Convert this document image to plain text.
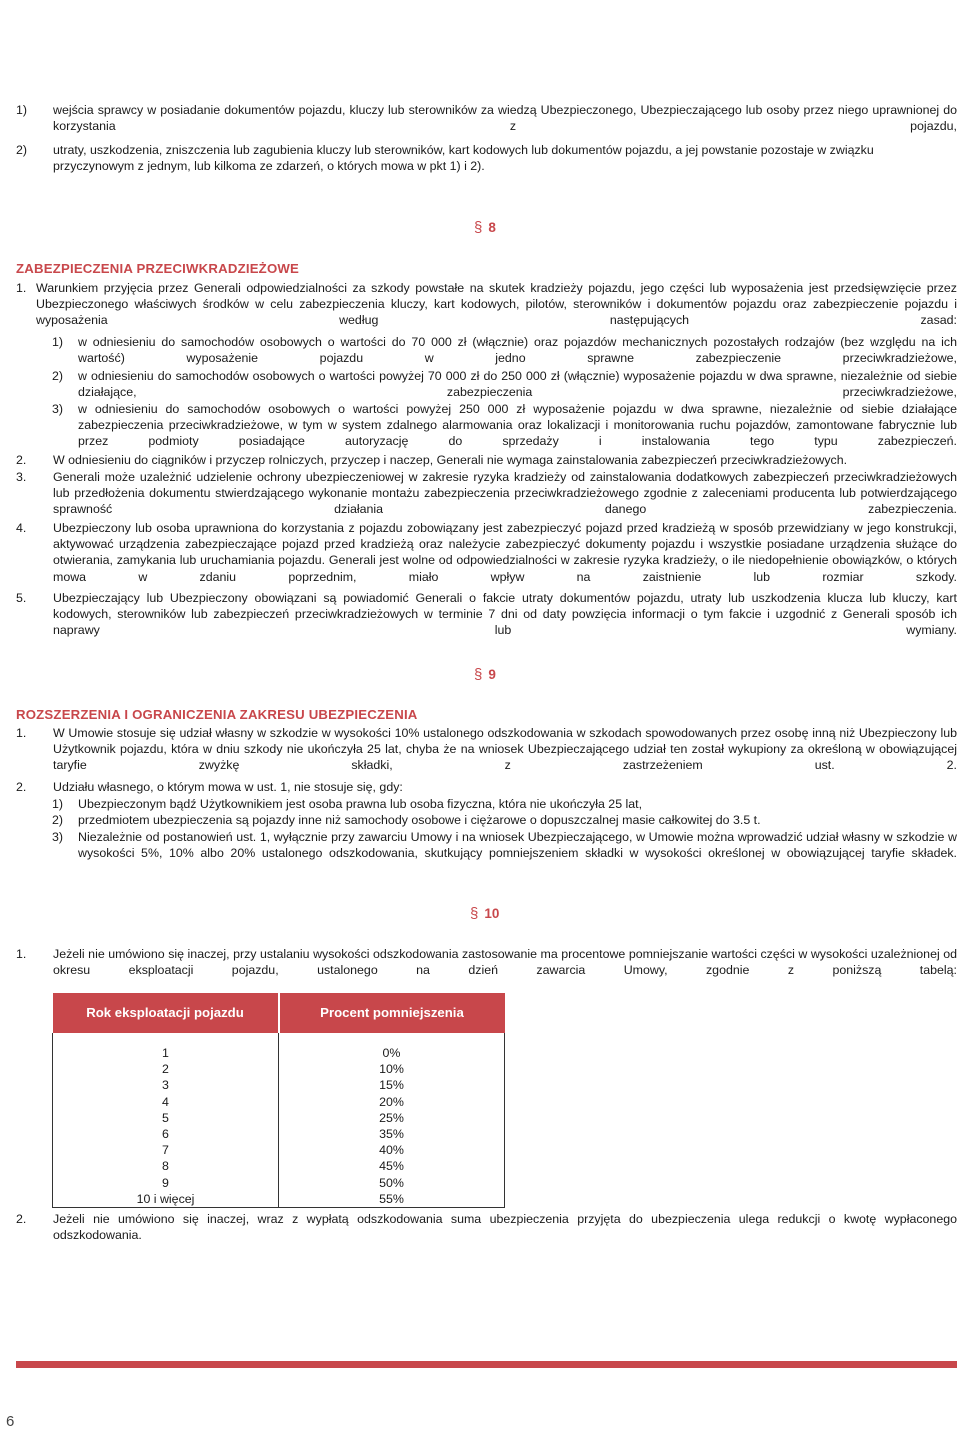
1) wejścia sprawcy w posiadanie dokumentów pojazdu, kluczy lub sterowników za wiedzą Ubezpieczonego, Ubezpieczającego lub osoby przez niego uprawnionej do korzystania z pojazdu,
2) utraty, uszkodzenia, zniszczenia lub zagubienia kluczy lub sterowników, kart kodowych lub dokumentów pojazdu, a jej powstanie pozostaje w związku przyczynowym z jednym, lub kilkoma ze zdarzeń, o których mowa w pkt 1) i 2).
§ 8
ZABEZPIECZENIA PRZECIWKRADZIEŻOWE
1. Warunkiem przyjęcia przez Generali odpowiedzialności za szkody powstałe na skutek kradzieży pojazdu, jego części lub wyposażenia jest przedsięwzięcie przez Ubezpieczonego właściwych środków w celu zabezpieczenia kluczy, kart kodowych, pilotów, sterowników i dokumentów pojazdu oraz zabezpieczenie pojazdu i wyposażenia według następujących zasad:
1) w odniesieniu do samochodów osobowych o wartości do 70 000 zł (włącznie) oraz pojazdów mechanicznych pozostałych rodzajów (bez względu na ich wartość) wyposażenie pojazdu w jedno sprawne zabezpieczenie przeciwkradzieżowe,
2) w odniesieniu do samochodów osobowych o wartości powyżej 70 000 zł do 250 000 zł (włącznie) wyposażenie pojazdu w dwa sprawne, niezależnie od siebie działające, zabezpieczenia przeciwkradzieżowe,
3) w odniesieniu do samochodów osobowych o wartości powyżej 250 000 zł wyposażenie pojazdu w dwa sprawne, niezależnie od siebie działające zabezpieczenia przeciwkradzieżowe, w tym w system zdalnego alarmowania oraz lokalizacji i monitorowania ruchu pojazdów, zamontowane fabrycznie lub przez podmioty posiadające autoryzację do sprzedaży i instalowania tego typu zabezpieczeń.
2. W odniesieniu do ciągników i przyczep rolniczych, przyczep i naczep, Generali nie wymaga zainstalowania zabezpieczeń przeciwkradzieżowych.
3. Generali może uzależnić udzielenie ochrony ubezpieczeniowej w zakresie ryzyka kradzieży od zainstalowania dodatkowych zabezpieczeń przeciwkradzieżowych lub przedłożenia dokumentu stwierdzającego wykonanie montażu zabezpieczenia przeciwkradzieżowego zgodnie z zaleceniami producenta lub potwierdzającego sprawność działania danego zabezpieczenia.
4. Ubezpieczony lub osoba uprawniona do korzystania z pojazdu zobowiązany jest zabezpieczyć pojazd przed kradzieżą w sposób przewidziany w jego konstrukcji, aktywować urządzenia zabezpieczające pojazd przed kradzieżą oraz należycie zabezpieczyć dokumenty pojazdu i wszystkie posiadane urządzenia służące do otwierania, zamykania lub uruchamiania pojazdu. Generali jest wolne od odpowiedzialności w zakresie ryzyka kradzieży, o ile niedopełnienie obowiązków, o których mowa w zdaniu poprzednim, miało wpływ na zaistnienie lub rozmiar szkody.
5. Ubezpieczający lub Ubezpieczony obowiązani są powiadomić Generali o fakcie utraty dokumentów pojazdu, utraty lub uszkodzenia klucza lub kluczy, kart kodowych, sterowników lub zabezpieczeń przeciwkradzieżowych w terminie 7 dni od daty powzięcia informacji o tym fakcie i uzgodnić z Generali sposób ich naprawy lub wymiany.
§ 9
ROZSZERZENIA I OGRANICZENIA ZAKRESU UBEZPIECZENIA
1. W Umowie stosuje się udział własny w szkodzie w wysokości 10% ustalonego odszkodowania w szkodach spowodowanych przez osobę inną niż Ubezpieczony lub Użytkownik pojazdu, która w dniu szkody nie ukończyła 25 lat, chyba że na wniosek Ubezpieczającego udział ten został wykupiony za określoną w obowiązującej taryfie zwyżkę składki, z zastrzeżeniem ust. 2.
2. Udziału własnego, o którym mowa w ust. 1, nie stosuje się, gdy:
1) Ubezpieczonym bądź Użytkownikiem jest osoba prawna lub osoba fizyczna, która nie ukończyła 25 lat,
2) przedmiotem ubezpieczenia są pojazdy inne niż samochody osobowe i ciężarowe o dopuszczalnej masie całkowitej do 3.5 t.
3) Niezależnie od postanowień ust. 1, wyłącznie przy zawarciu Umowy i na wniosek Ubezpieczającego, w Umowie można wprowadzić udział własny w szkodzie w wysokości 5%, 10% albo 20% ustalonego odszkodowania, skutkujący pomniejszeniem składki w wysokości określonej w obowiązującej taryfie składek.
§ 10
1. Jeżeli nie umówiono się inaczej, przy ustalaniu wysokości odszkodowania zastosowanie ma procentowe pomniejszanie wartości części w wysokości uzależnionej od okresu eksploatacji pojazdu, ustalonego na dzień zawarcia Umowy, zgodnie z poniższą tabelą:
Rok eksploatacji pojazdu	Procent pomniejszenia
1	0%
2	10%
3	15%
4	20%
5	25%
6	35%
7	40%
8	45%
9	50%
10 i więcej	55%
2. Jeżeli nie umówiono się inaczej, wraz z wypłatą odszkodowania suma ubezpieczenia przyjęta do ubezpieczenia ulega redukcji o kwotę wypłaconego odszkodowania.
6
